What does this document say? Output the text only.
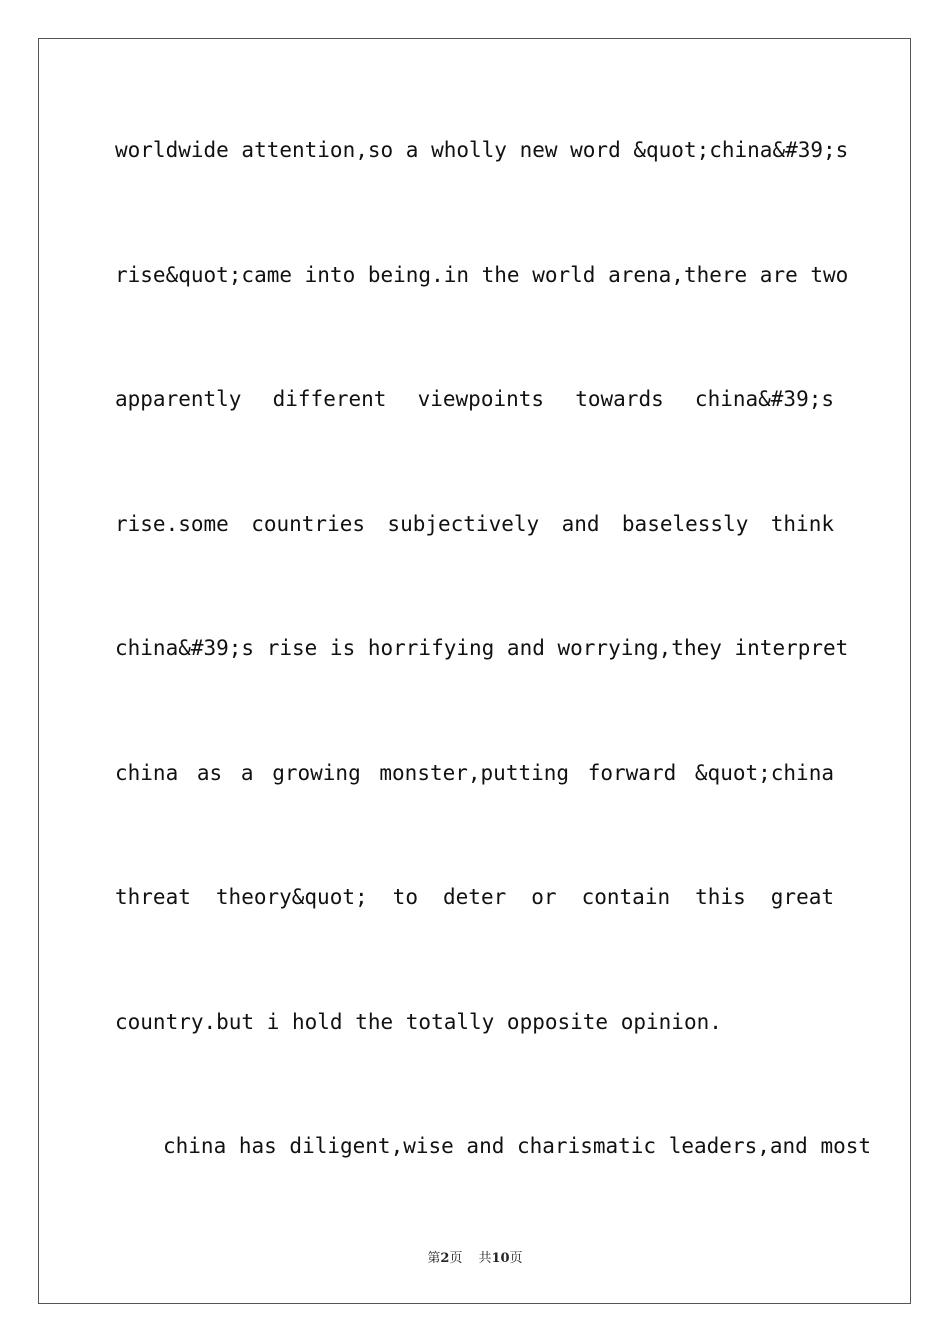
worldwide attention,so a wholly new word &quot;china&#39;s
rise&quot;came into being.in the world arena,there are two
apparently different viewpoints towards china&#39;s
rise.some countries subjectively and baselessly think
china&#39;s rise is horrifying and worrying,they interpret
china as a growing monster,putting forward &quot;china
threat theory&quot; to deter or contain this great
country.but i hold the totally opposite opinion.
china has diligent,wise and charismatic leaders,and most
第2页 共10页
